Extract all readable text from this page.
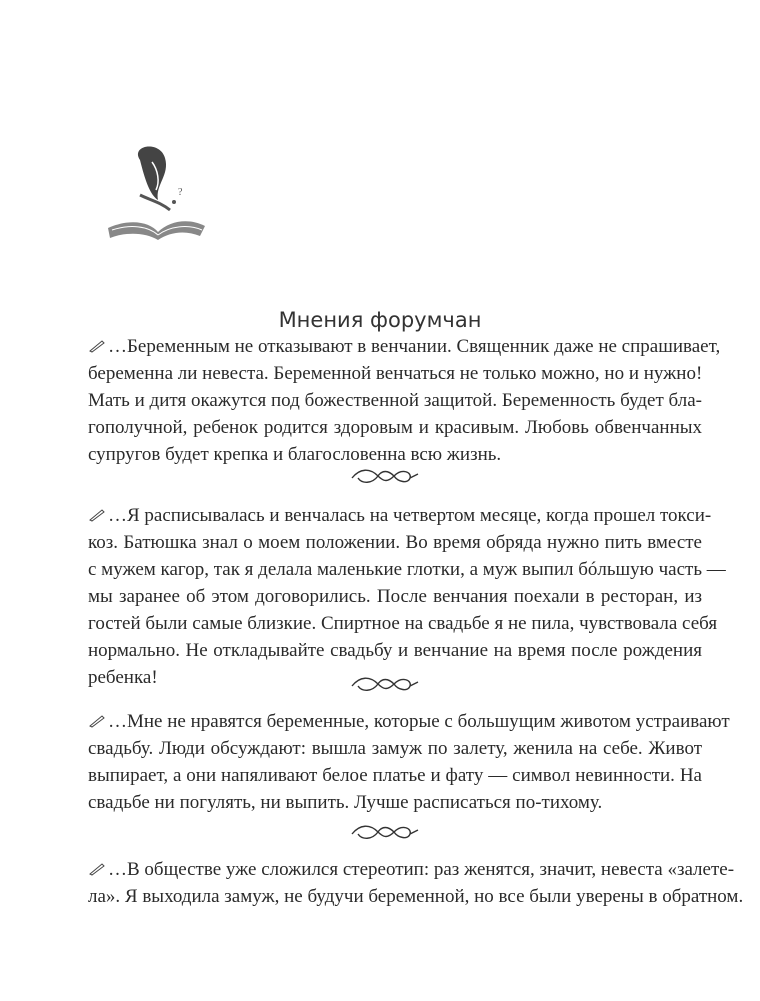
?
Мнения форумчан
…Беременным не отказывают в венчании. Священник даже не спрашивает,
беременна ли невеста. Беременной венчаться не только можно, но и нужно!
Мать и дитя окажутся под божественной защитой. Беременность будет бла-
гополучной, ребенок родится здоровым и красивым. Любовь обвенчанных
супругов будет крепка и благословенна всю жизнь.
…Я расписывалась и венчалась на четвертом месяце, когда прошел токси-
коз. Батюшка знал о моем положении. Во время обряда нужно пить вместе
с мужем кагор, так я делала маленькие глотки, а муж выпил бóльшую часть —
мы заранее об этом договорились. После венчания поехали в ресторан, из
гостей были самые близкие. Спиртное на свадьбе я не пила, чувствовала себя
нормально. Не откладывайте свадьбу и венчание на время после рождения
ребенка!
…Мне не нравятся беременные, которые с большущим животом устраивают
свадьбу. Люди обсуждают: вышла замуж по залету, женила на себе. Живот
выпирает, а они напяливают белое платье и фату — символ невинности. На
свадьбе ни погулять, ни выпить. Лучше расписаться по-тихому.
…В обществе уже сложился стереотип: раз женятся, значит, невеста «залете-
ла». Я выходила замуж, не будучи беременной, но все были уверены в обратном.
